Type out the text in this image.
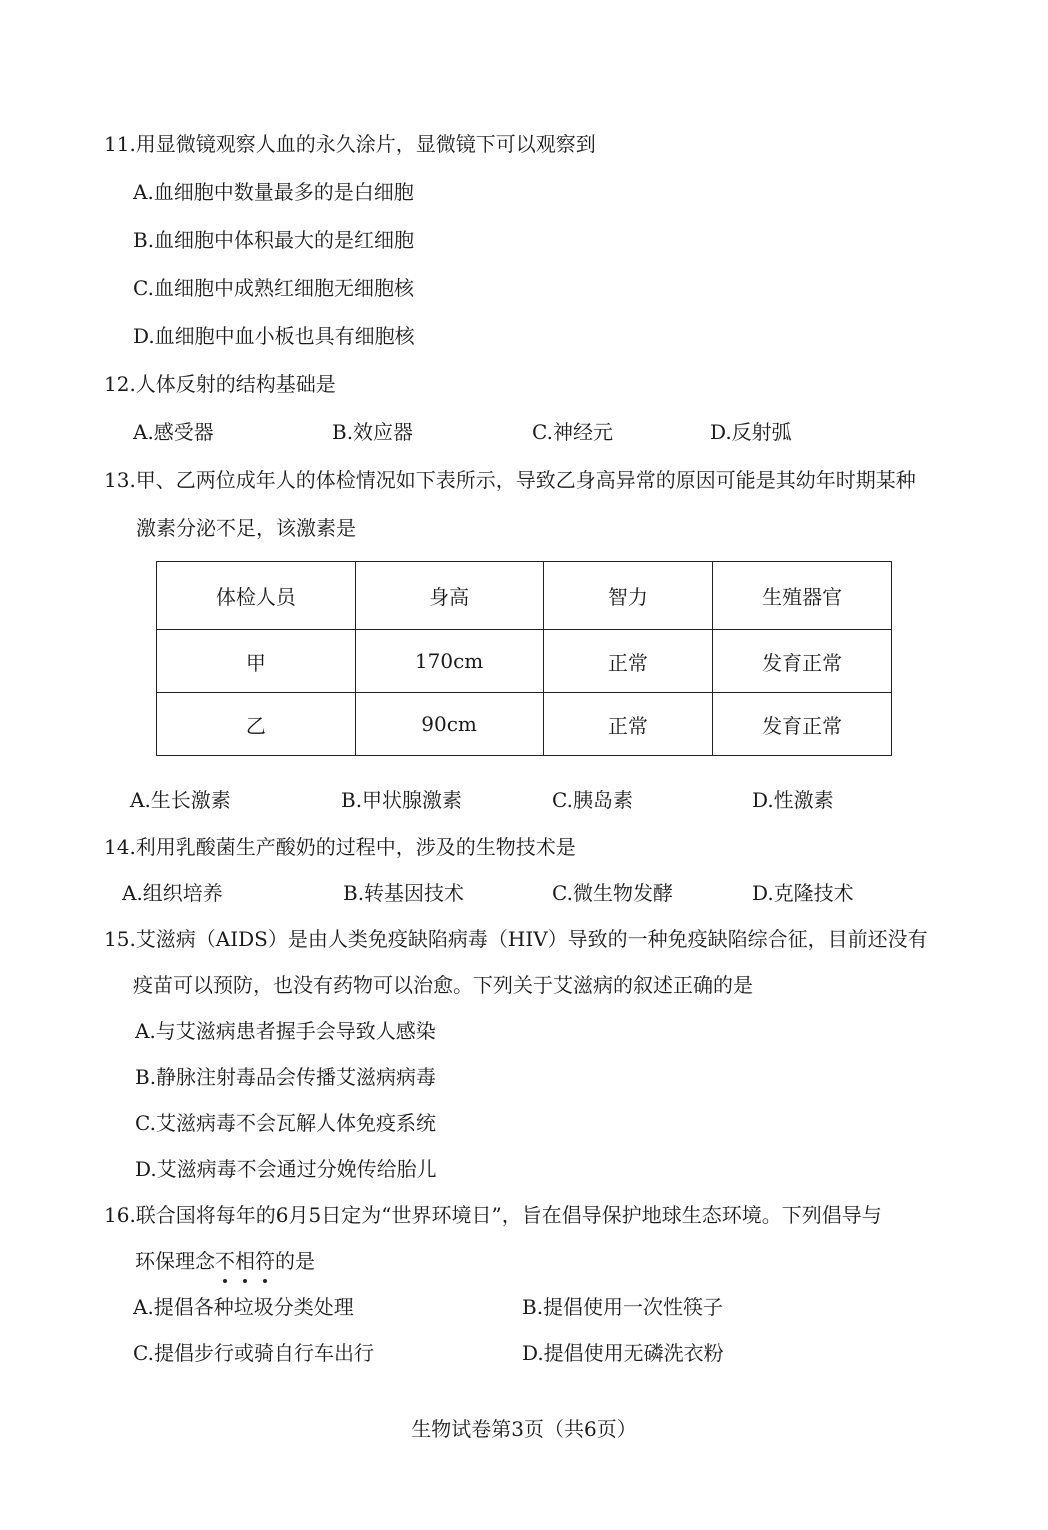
11.用显微镜观察人血的永久涂片，显微镜下可以观察到
A.血细胞中数量最多的是白细胞
B.血细胞中体积最大的是红细胞
C.血细胞中成熟红细胞无细胞核
D.血细胞中血小板也具有细胞核
12.人体反射的结构基础是
A.感受器	B.效应器	C.神经元	D.反射弧
13.甲、乙两位成年人的体检情况如下表所示，导致乙身高异常的原因可能是其幼年时期某种
激素分泌不足，该激素是
体检人员	身高	智力	生殖器官
甲	170cm	正常	发育正常
乙	90cm	正常	发育正常
A.生长激素	B.甲状腺激素	C.胰岛素	D.性激素
14.利用乳酸菌生产酸奶的过程中，涉及的生物技术是
A.组织培养	B.转基因技术	C.微生物发酵	D.克隆技术
15.艾滋病（AIDS）是由人类免疫缺陷病毒（HIV）导致的一种免疫缺陷综合征，目前还没有
疫苗可以预防，也没有药物可以治愈。下列关于艾滋病的叙述正确的是
A.与艾滋病患者握手会导致人感染
B.静脉注射毒品会传播艾滋病病毒
C.艾滋病毒不会瓦解人体免疫系统
D.艾滋病毒不会通过分娩传给胎儿
16.联合国将每年的6月5日定为“世界环境日”，旨在倡导保护地球生态环境。下列倡导与
环保理念不相符
的是
A.提倡各种垃圾分类处理	B.提倡使用一次性筷子
C.提倡步行或骑自行车出行	D.提倡使用无磷洗衣粉
生物试卷第3页（共6页）
